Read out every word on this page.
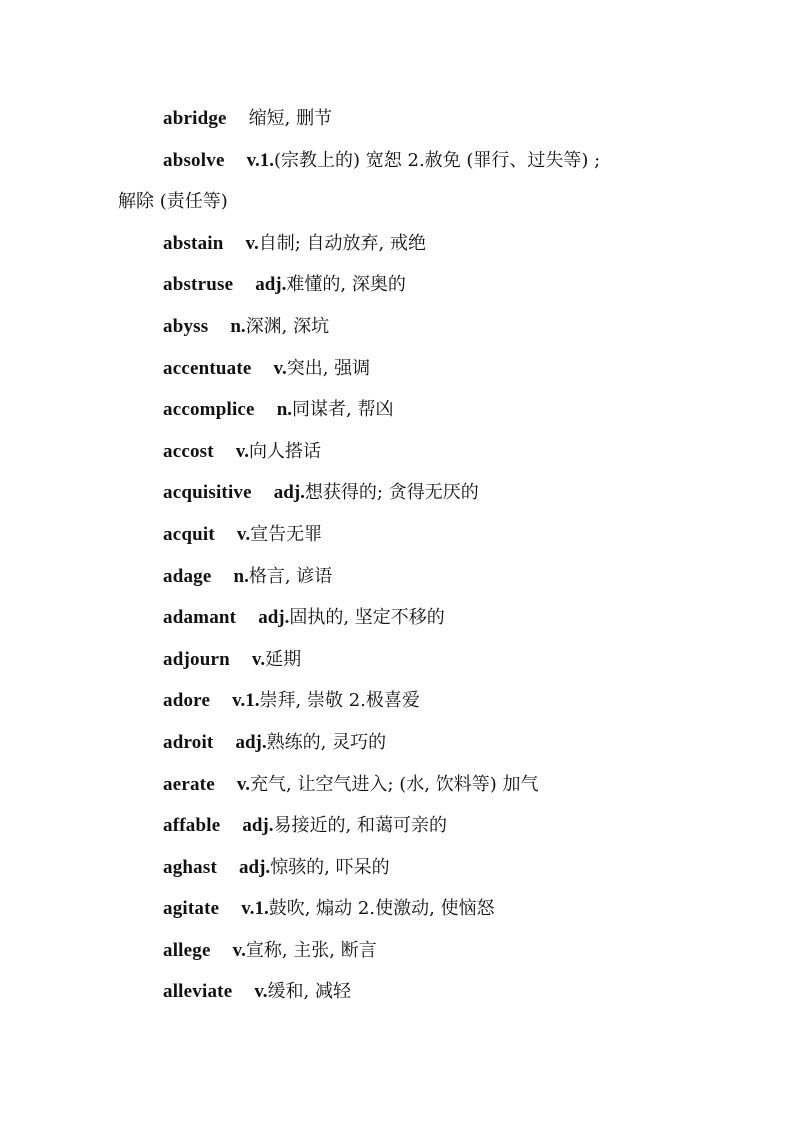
abridge 缩短, 删节
absolve v.1.(宗教上的) 宽恕 2.赦免 (罪行、过失等) ;
解除 (责任等)
abstain v.自制; 自动放弃, 戒绝
abstruse adj.难懂的, 深奥的
abyss n.深渊, 深坑
accentuate v.突出, 强调
accomplice n.同谋者, 帮凶
accost v.向人搭话
acquisitive adj.想获得的; 贪得无厌的
acquit v.宣告无罪
adage n.格言, 谚语
adamant adj.固执的, 坚定不移的
adjourn v.延期
adore v.1.崇拜, 崇敬 2.极喜爱
adroit adj.熟练的, 灵巧的
aerate v.充气, 让空气进入; (水, 饮料等) 加气
affable adj.易接近的, 和蔼可亲的
aghast adj.惊骇的, 吓呆的
agitate v.1.鼓吹, 煽动 2.使激动, 使恼怒
allege v.宣称, 主张, 断言
alleviate v.缓和, 减轻
